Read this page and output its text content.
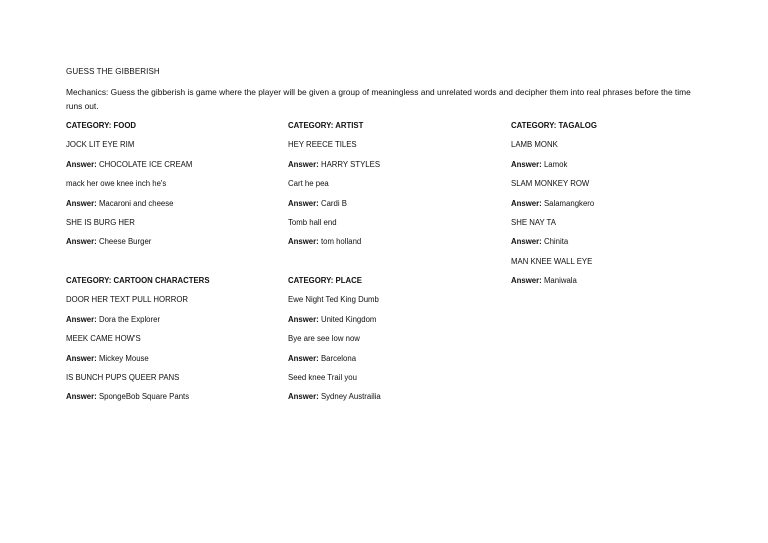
GUESS THE GIBBERISH
Mechanics: Guess the gibberish is game where the player will be given a group of meaningless and unrelated words and decipher them into real phrases before the time runs out.
CATEGORY: FOOD
JOCK LIT EYE RIM
Answer: CHOCOLATE ICE CREAM
mack her owe knee inch he's
Answer: Macaroni and cheese
SHE IS BURG HER
Answer: Cheese Burger
CATEGORY: ARTIST
HEY REECE TILES
Answer: HARRY STYLES
Cart he pea
Answer: Cardi B
Tomb hall end
Answer: tom holland
CATEGORY: TAGALOG
LAMB MONK
Answer: Lamok
SLAM MONKEY ROW
Answer: Salamangkero
SHE NAY TA
Answer: Chinita
MAN KNEE WALL EYE
Answer: Maniwala
CATEGORY: CARTOON CHARACTERS
DOOR HER TEXT PULL HORROR
Answer: Dora the Explorer
MEEK CAME HOW'S
Answer: Mickey Mouse
IS BUNCH PUPS QUEER PANS
Answer: SpongeBob Square Pants
CATEGORY: PLACE
Ewe Night Ted King Dumb
Answer: United Kingdom
Bye are see low now
Answer: Barcelona
Seed knee Trail you
Answer: Sydney Austrailia
